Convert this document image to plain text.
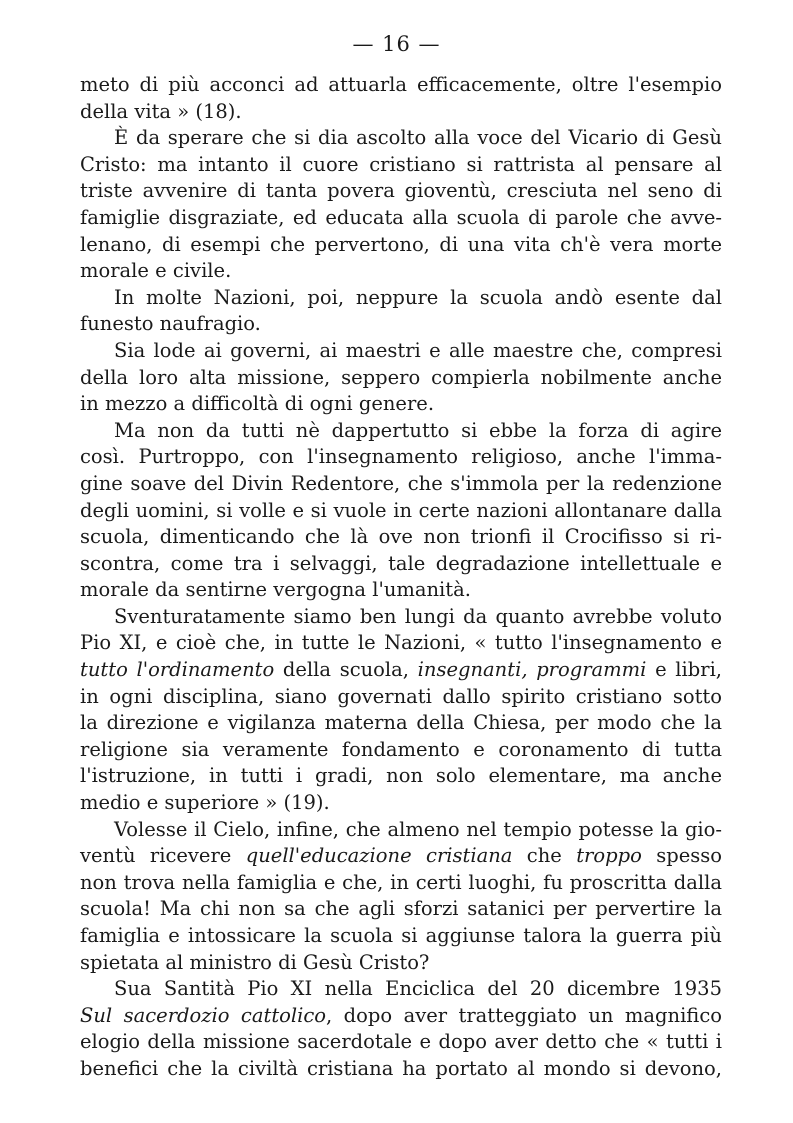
— 16 —
meto di più acconci ad attuarla efficacemente, oltre l'esempio
della vita » (18).
È da sperare che si dia ascolto alla voce del Vicario di Gesù
Cristo: ma intanto il cuore cristiano si rattrista al pensare al
triste avvenire di tanta povera gioventù, cresciuta nel seno di
famiglie disgraziate, ed educata alla scuola di parole che avve-
lenano, di esempi che pervertono, di una vita ch'è vera morte
morale e civile.
In molte Nazioni, poi, neppure la scuola andò esente dal
funesto naufragio.
Sia lode ai governi, ai maestri e alle maestre che, compresi
della loro alta missione, seppero compierla nobilmente anche
in mezzo a difficoltà di ogni genere.
Ma non da tutti nè dappertutto si ebbe la forza di agire
così. Purtroppo, con l'insegnamento religioso, anche l'imma-
gine soave del Divin Redentore, che s'immola per la redenzione
degli uomini, si volle e si vuole in certe nazioni allontanare dalla
scuola, dimenticando che là ove non trionfi il Crocifisso si ri-
scontra, come tra i selvaggi, tale degradazione intellettuale e
morale da sentirne vergogna l'umanità.
Sventuratamente siamo ben lungi da quanto avrebbe voluto
Pio XI, e cioè che, in tutte le Nazioni, « tutto l'insegnamento e
tutto l'ordinamento della scuola, insegnanti, programmi e libri,
in ogni disciplina, siano governati dallo spirito cristiano sotto
la direzione e vigilanza materna della Chiesa, per modo che la
religione sia veramente fondamento e coronamento di tutta
l'istruzione, in tutti i gradi, non solo elementare, ma anche
medio e superiore » (19).
Volesse il Cielo, infine, che almeno nel tempio potesse la gio-
ventù ricevere quell'educazione cristiana che troppo spesso
non trova nella famiglia e che, in certi luoghi, fu proscritta dalla
scuola! Ma chi non sa che agli sforzi satanici per pervertire la
famiglia e intossicare la scuola si aggiunse talora la guerra più
spietata al ministro di Gesù Cristo?
Sua Santità Pio XI nella Enciclica del 20 dicembre 1935
Sul sacerdozio cattolico, dopo aver tratteggiato un magnifico
elogio della missione sacerdotale e dopo aver detto che « tutti i
benefici che la civiltà cristiana ha portato al mondo si devono,
